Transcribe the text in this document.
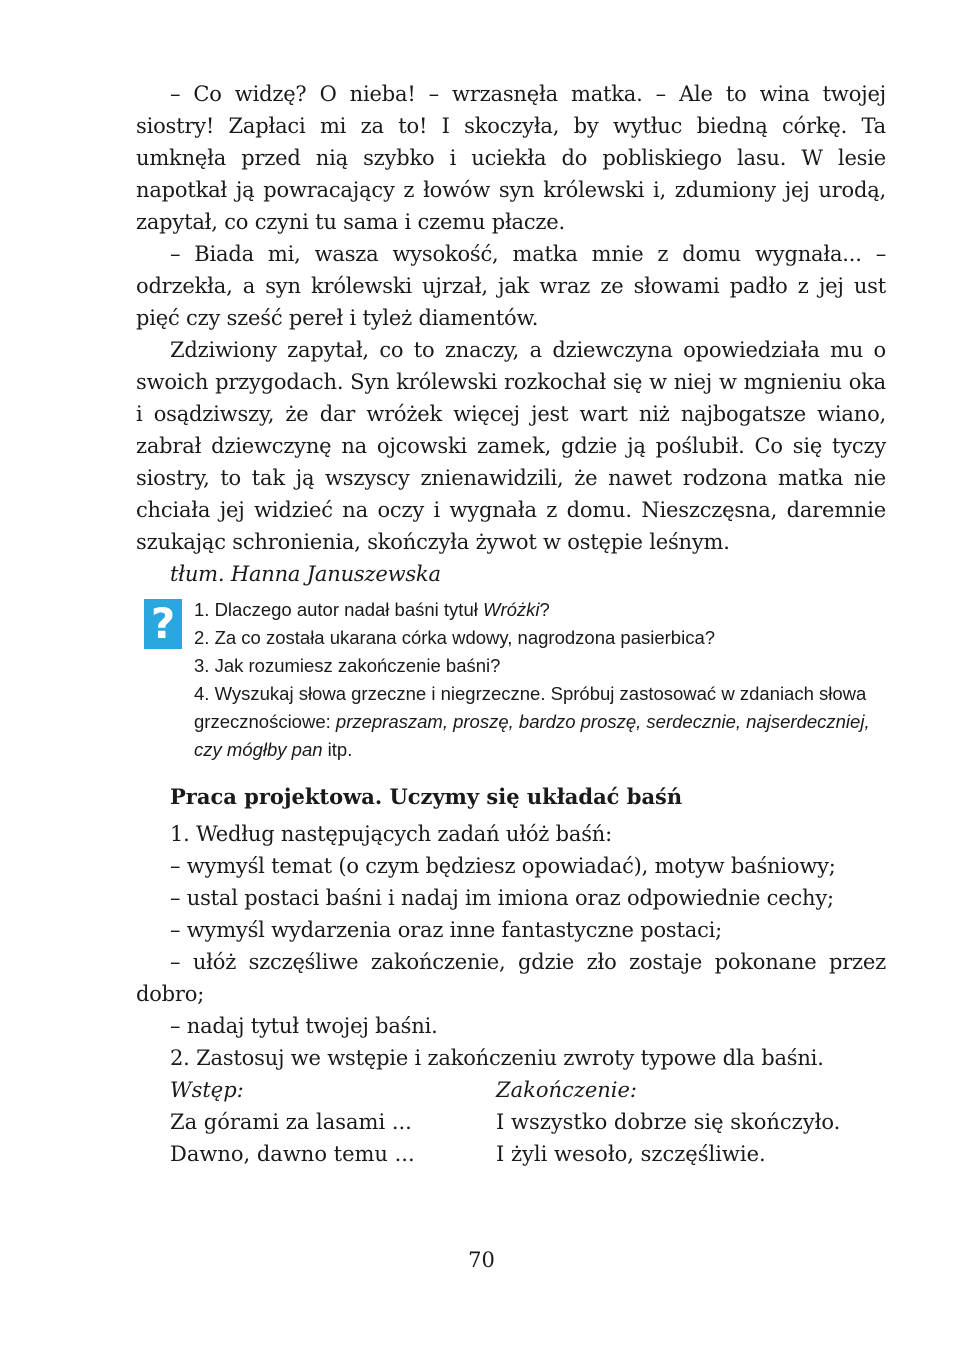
– Co widzę? O nieba! – wrzasnęła matka. – Ale to wina twojej siostry! Zapłaci mi za to! I skoczyła, by wytłuc biedną córkę. Ta umknęła przed nią szybko i uciekła do pobliskiego lasu. W lesie napotkał ją powracający z łowów syn królewski i, zdumiony jej urodą, zapytał, co czyni tu sama i czemu płacze.

– Biada mi, wasza wysokość, matka mnie z domu wygnała... – odrzekła, a syn królewski ujrzał, jak wraz ze słowami padło z jej ust pięć czy sześć pereł i tyleż diamentów.

Zdziwiony zapytał, co to znaczy, a dziewczyna opowiedziała mu o swoich przygodach. Syn królewski rozkochał się w niej w mgnieniu oka i osądziwszy, że dar wróżek więcej jest wart niż najbogatsze wiano, zabrał dziewczynę na ojcowski zamek, gdzie ją poślubił. Co się tyczy siostry, to tak ją wszyscy znienawidzili, że nawet rodzona matka nie chciała jej widzieć na oczy i wygnała z domu. Nieszczęsna, daremnie szukając schronienia, skończyła żywot w ostępie leśnym.

tłum. Hanna Januszewska

?	1. Dlaczego autor nadał baśni tytuł Wróżki?
2. Za co została ukarana córka wdowy, nagrodzona pasierbica?
3. Jak rozumiesz zakończenie baśni?
4. Wyszukaj słowa grzeczne i niegrzeczne. Spróbuj zastosować w zdaniach słowa grzecznościowe: przepraszam, proszę, bardzo proszę, serdecznie, najserdeczniej, czy mógłby pan itp.
Praca projektowa. Uczymy się układać baśń

1. Według następujących zadań ułóż baśń:

– wymyśl temat (o czym będziesz opowiadać), motyw baśniowy;

– ustal postaci baśni i nadaj im imiona oraz odpowiednie cechy;

– wymyśl wydarzenia oraz inne fantastyczne postaci;

– ułóż szczęśliwe zakończenie, gdzie zło zostaje pokonane przez dobro;

– nadaj tytuł twojej baśni.

2. Zastosuj we wstępie i zakończeniu zwroty typowe dla baśni.

Wstęp:	Zakończenie:
Za górami za lasami ...	I wszystko dobrze się skończyło.
Dawno, dawno temu ...	I żyli wesoło, szczęśliwie.
70
